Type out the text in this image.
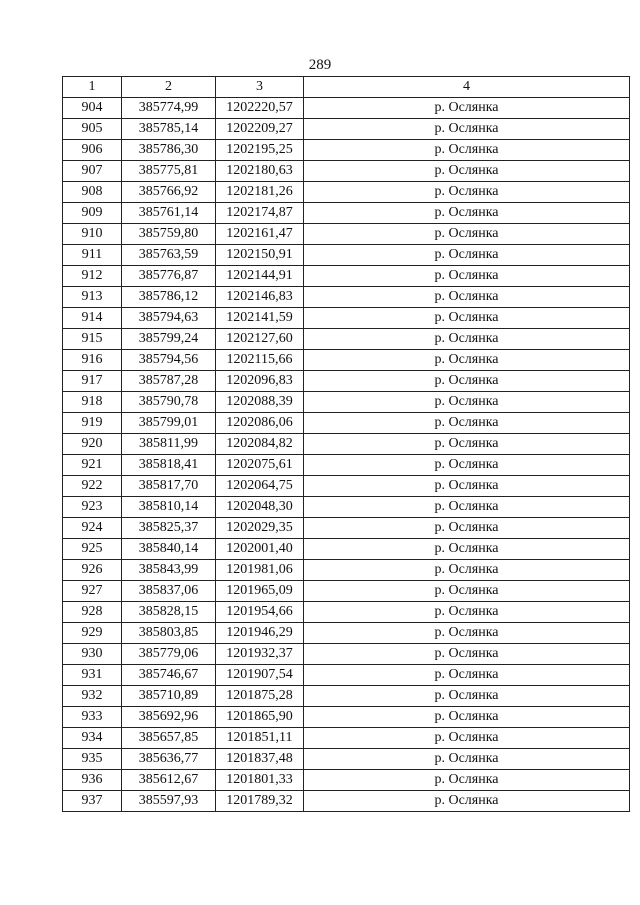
289
1	2	3	4
904	385774,99	1202220,57	р. Ослянка
905	385785,14	1202209,27	р. Ослянка
906	385786,30	1202195,25	р. Ослянка
907	385775,81	1202180,63	р. Ослянка
908	385766,92	1202181,26	р. Ослянка
909	385761,14	1202174,87	р. Ослянка
910	385759,80	1202161,47	р. Ослянка
911	385763,59	1202150,91	р. Ослянка
912	385776,87	1202144,91	р. Ослянка
913	385786,12	1202146,83	р. Ослянка
914	385794,63	1202141,59	р. Ослянка
915	385799,24	1202127,60	р. Ослянка
916	385794,56	1202115,66	р. Ослянка
917	385787,28	1202096,83	р. Ослянка
918	385790,78	1202088,39	р. Ослянка
919	385799,01	1202086,06	р. Ослянка
920	385811,99	1202084,82	р. Ослянка
921	385818,41	1202075,61	р. Ослянка
922	385817,70	1202064,75	р. Ослянка
923	385810,14	1202048,30	р. Ослянка
924	385825,37	1202029,35	р. Ослянка
925	385840,14	1202001,40	р. Ослянка
926	385843,99	1201981,06	р. Ослянка
927	385837,06	1201965,09	р. Ослянка
928	385828,15	1201954,66	р. Ослянка
929	385803,85	1201946,29	р. Ослянка
930	385779,06	1201932,37	р. Ослянка
931	385746,67	1201907,54	р. Ослянка
932	385710,89	1201875,28	р. Ослянка
933	385692,96	1201865,90	р. Ослянка
934	385657,85	1201851,11	р. Ослянка
935	385636,77	1201837,48	р. Ослянка
936	385612,67	1201801,33	р. Ослянка
937	385597,93	1201789,32	р. Ослянка
